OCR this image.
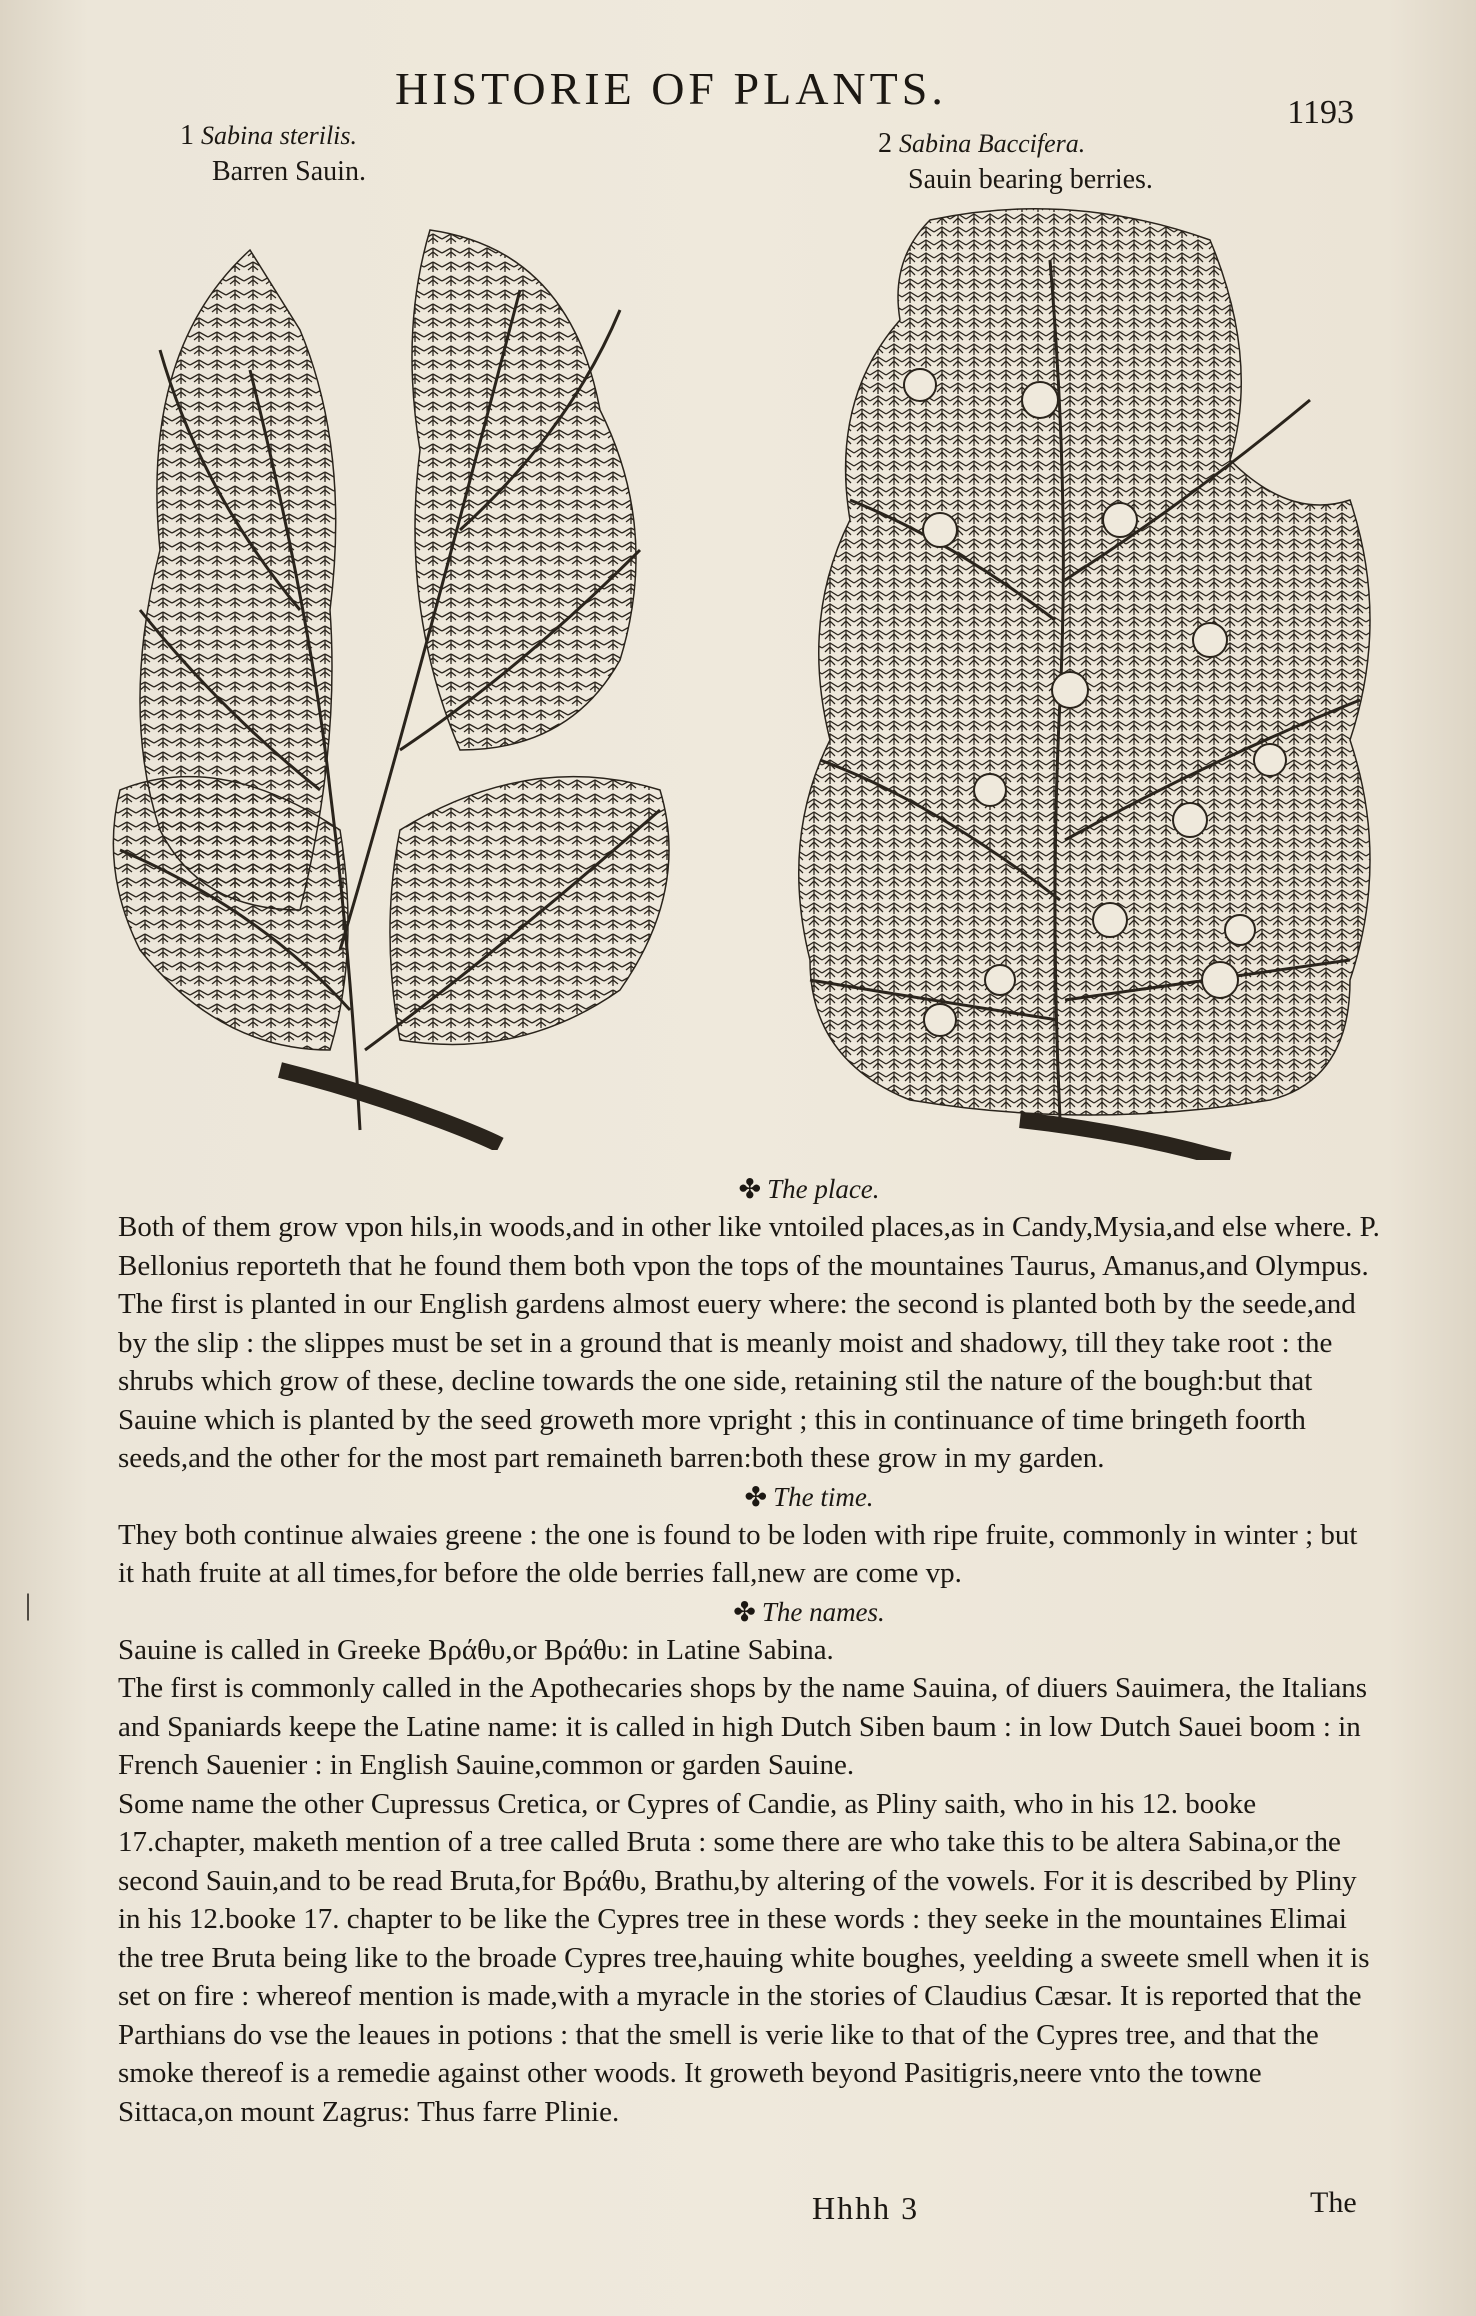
HISTORIE OF PLANTS.	1193
1 Sabina sterilis.
Barren Sauin.
2 Sabina Baccifera.
Sauin bearing berries.
✤ The place.

Both of them grow vpon hils,in woods,and in other like vntoiled places,as in Candy,Mysia,and else where. P. Bellonius reporteth that he found them both vpon the tops of the mountaines Taurus, Amanus,and Olympus.

The first is planted in our English gardens almost euery where: the second is planted both by the seede,and by the slip : the slippes must be set in a ground that is meanly moist and shadowy, till they take root : the shrubs which grow of these, decline towards the one side, retaining stil the nature of the bough:but that Sauine which is planted by the seed groweth more vpright ; this in continuance of time bringeth foorth seeds,and the other for the most part remaineth barren:both these grow in my garden.

✤ The time.

They both continue alwaies greene : the one is found to be loden with ripe fruite, commonly in winter ; but it hath fruite at all times,for before the olde berries fall,new are come vp.

✤ The names.

Sauine is called in Greeke Βράθυ,or Βράθυ: in Latine Sabina.

The first is commonly called in the Apothecaries shops by the name Sauina, of diuers Sauimera, the Italians and Spaniards keepe the Latine name: it is called in high Dutch Siben baum : in low Dutch Sauei boom : in French Sauenier : in English Sauine,common or garden Sauine.

Some name the other Cupressus Cretica, or Cypres of Candie, as Pliny saith, who in his 12. booke 17.chapter, maketh mention of a tree called Bruta : some there are who take this to be altera Sabina,or the second Sauin,and to be read Bruta,for Βράθυ, Brathu,by altering of the vowels. For it is described by Pliny in his 12.booke 17. chapter to be like the Cypres tree in these words : they seeke in the mountaines Elimai the tree Bruta being like to the broade Cypres tree,hauing white boughes, yeelding a sweete smell when it is set on fire : whereof mention is made,with a myracle in the stories of Claudius Cæsar. It is reported that the Parthians do vse the leaues in potions : that the smell is verie like to that of the Cypres tree, and that the smoke thereof is a remedie against other woods. It groweth beyond Pasitigris,neere vnto the towne Sittaca,on mount Zagrus: Thus farre Plinie.

|
Hhhh 3	The
